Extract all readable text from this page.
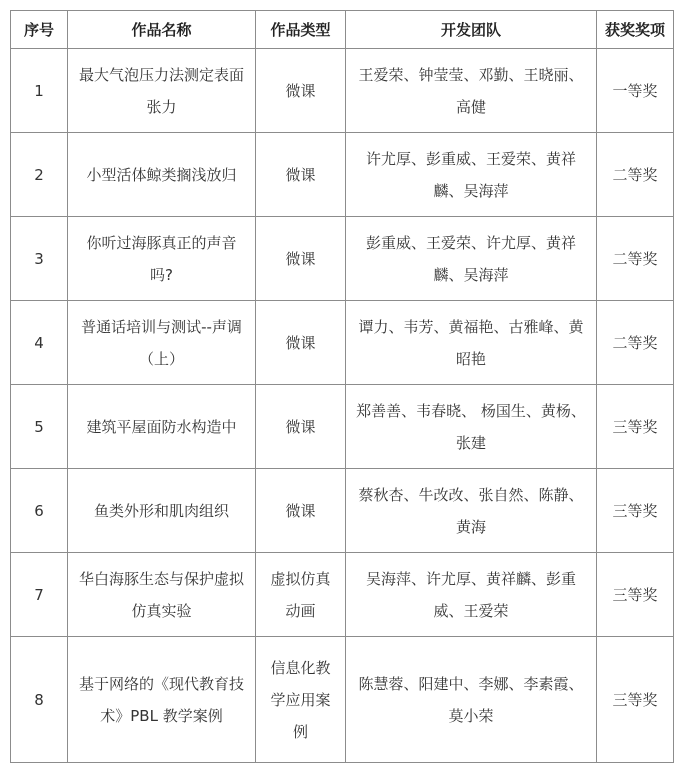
序号	作品名称	作品类型	开发团队	获奖奖项
1	最大气泡压力法测定表面张力	微课	王爱荣、钟莹莹、邓勤、王晓丽、高健	一等奖
2	小型活体鲸类搁浅放归	微课	许尤厚、彭重威、王爱荣、黄祥麟、吴海萍	二等奖
3	你听过海豚真正的声音吗?	微课	彭重威、王爱荣、许尤厚、黄祥麟、吴海萍	二等奖
4	普通话培训与测试--声调（上）	微课	谭力、韦芳、黄福艳、古雅峰、黄昭艳	二等奖
5	建筑平屋面防水构造中	微课	郑善善、韦春晓、 杨国生、黄杨、张建	三等奖
6	鱼类外形和肌肉组织	微课	蔡秋杏、牛改改、张自然、陈静、黄海	三等奖
7	华白海豚生态与保护虚拟仿真实验	虚拟仿真动画	吴海萍、许尤厚、黄祥麟、彭重威、王爱荣	三等奖
8	基于网络的《现代教育技术》PBL 教学案例	信息化教学应用案例	陈慧蓉、阳建中、李娜、李素霞、莫小荣	三等奖
